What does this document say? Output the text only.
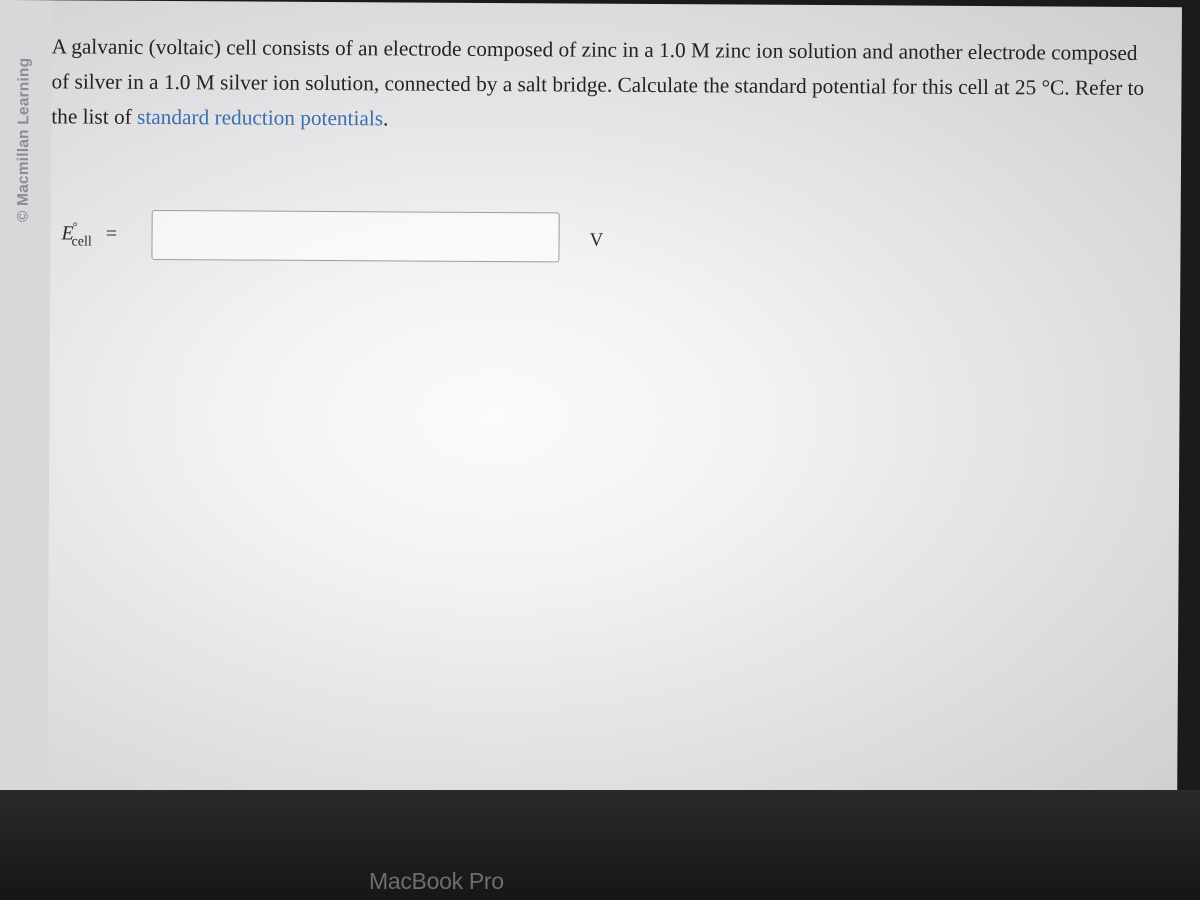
© Macmillan Learning

A galvanic (voltaic) cell consists of an electrode composed of zinc in a 1.0 M zinc ion solution and another electrode composed of silver in a 1.0 M silver ion solution, connected by a salt bridge. Calculate the standard potential for this cell at 25 °C. Refer to the list of standard reduction potentials.

$E^\circ_{cell}$ =	V
MacBook Pro
